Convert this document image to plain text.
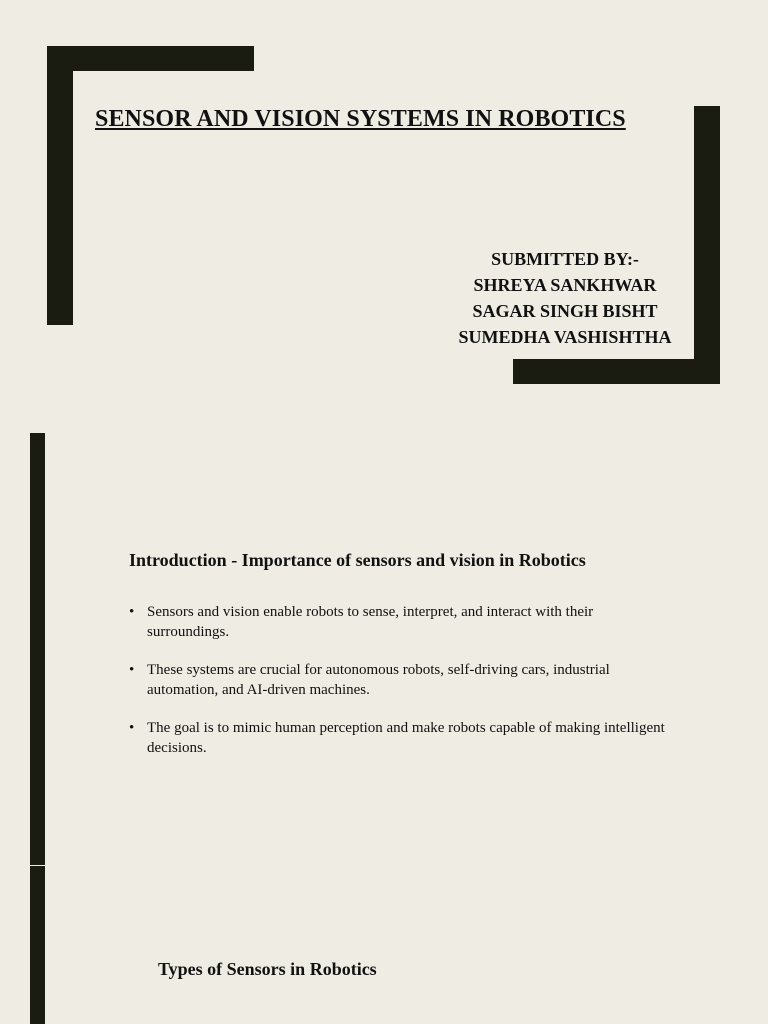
SENSOR AND VISION SYSTEMS IN ROBOTICS
SUBMITTED BY:-
SHREYA SANKHWAR
SAGAR SINGH BISHT
SUMEDHA VASHISHTHA
Introduction - Importance of sensors and vision in Robotics
• Sensors and vision enable robots to sense, interpret, and interact with their surroundings.
• These systems are crucial for autonomous robots, self-driving cars, industrial automation, and AI-driven machines.
• The goal is to mimic human perception and make robots capable of making intelligent decisions.
Types of Sensors in Robotics
